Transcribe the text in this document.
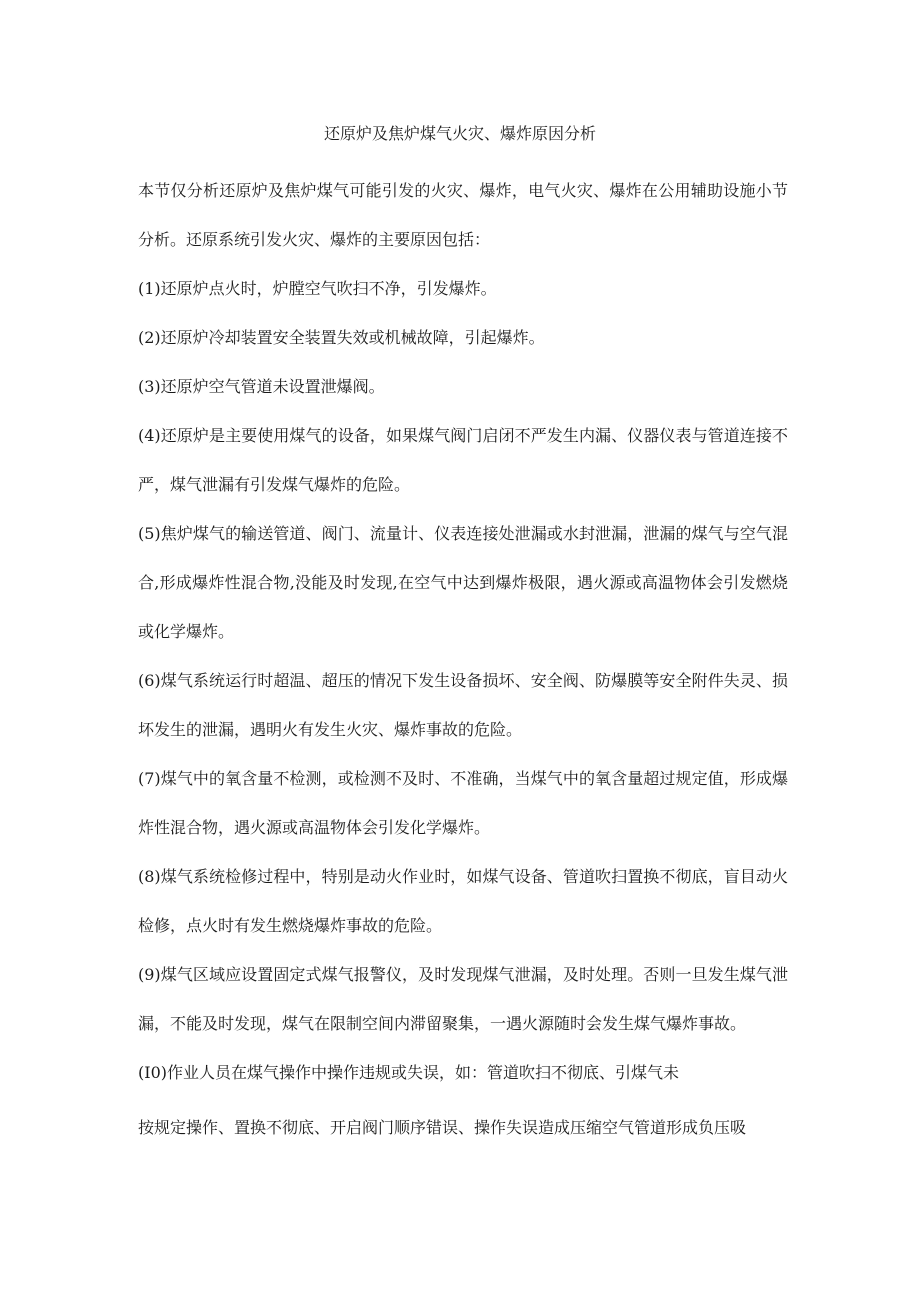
还原炉及焦炉煤气火灾、爆炸原因分析

本节仅分析还原炉及焦炉煤气可能引发的火灾、爆炸，电气火灾、爆炸在公用辅助设施小节分析。还原系统引发火灾、爆炸的主要原因包括：

(1)还原炉点火时，炉膛空气吹扫不净，引发爆炸。

(2)还原炉冷却装置安全装置失效或机械故障，引起爆炸。

(3)还原炉空气管道未设置泄爆阀。

(4)还原炉是主要使用煤气的设备，如果煤气阀门启闭不严发生内漏、仪器仪表与管道连接不严，煤气泄漏有引发煤气爆炸的危险。

(5)焦炉煤气的输送管道、阀门、流量计、仪表连接处泄漏或水封泄漏，泄漏的煤气与空气混合,形成爆炸性混合物,没能及时发现,在空气中达到爆炸极限，遇火源或高温物体会引发燃烧或化学爆炸。

(6)煤气系统运行时超温、超压的情况下发生设备损坏、安全阀、防爆膜等安全附件失灵、损坏发生的泄漏，遇明火有发生火灾、爆炸事故的危险。

(7)煤气中的氧含量不检测，或检测不及时、不准确，当煤气中的氧含量超过规定值，形成爆炸性混合物，遇火源或高温物体会引发化学爆炸。

(8)煤气系统检修过程中，特别是动火作业时，如煤气设备、管道吹扫置换不彻底，盲目动火检修，点火时有发生燃烧爆炸事故的危险。

(9)煤气区域应设置固定式煤气报警仪，及时发现煤气泄漏，及时处理。否则一旦发生煤气泄漏，不能及时发现，煤气在限制空间内滞留聚集，一遇火源随时会发生煤气爆炸事故。

(I0)作业人员在煤气操作中操作违规或失误，如：管道吹扫不彻底、引煤气未

按规定操作、置换不彻底、开启阀门顺序错误、操作失误造成压缩空气管道形成负压吸
